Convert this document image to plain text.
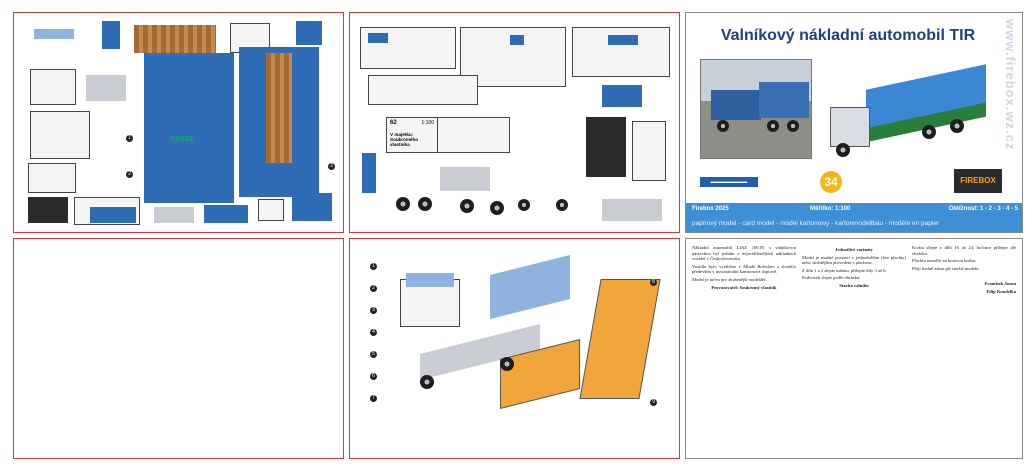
1
2
3
cesta
62	1:100
V majetku: Soukromého vlastníka
Valníkový nákladní automobil TIR	www.firebox.wz.cz
▬▬▬▬▬▬▬▬	34	FIREBOX
Firebox 2025	Měřítko: 1:100	Obtížnost: 1 - 2 - 3 - 4 - 5
papírový model - card model - model kartonowy - kartonmodellbau - modèle en papier
1
2
3
4
5
6
7
8
9

Nákladní automobil LIAZ 100.05 s valníkovou nástavbou byl jedním z nejrozšířenějších nákladních vozidel v Československu.

Vozidlo bylo vyráběno v Mladé Boleslavi a sloužilo především v mezinárodní kamionové dopravě.

Model je určen pro zkušenější modeláře.

Provozovatel: Soukromý vlastník
Jednotlivé varianty

Model je možné postavit v jednodušším (bez plachty) nebo složitějším provedení s plachtou.

Z dílu 1 a 2 slepte kabinu, přilepte díly 3 až 6.

Podvozek slepte podle obrázku.

Stavba valníku

Korbu slepte z dílů 16 až 24, bočnice přilepte dle obrázku.

Plachtu nasaďte na hotovou korbu.

Přeji hodně zdaru při stavbě modelu.

František Sosna

Filip Kondelka
